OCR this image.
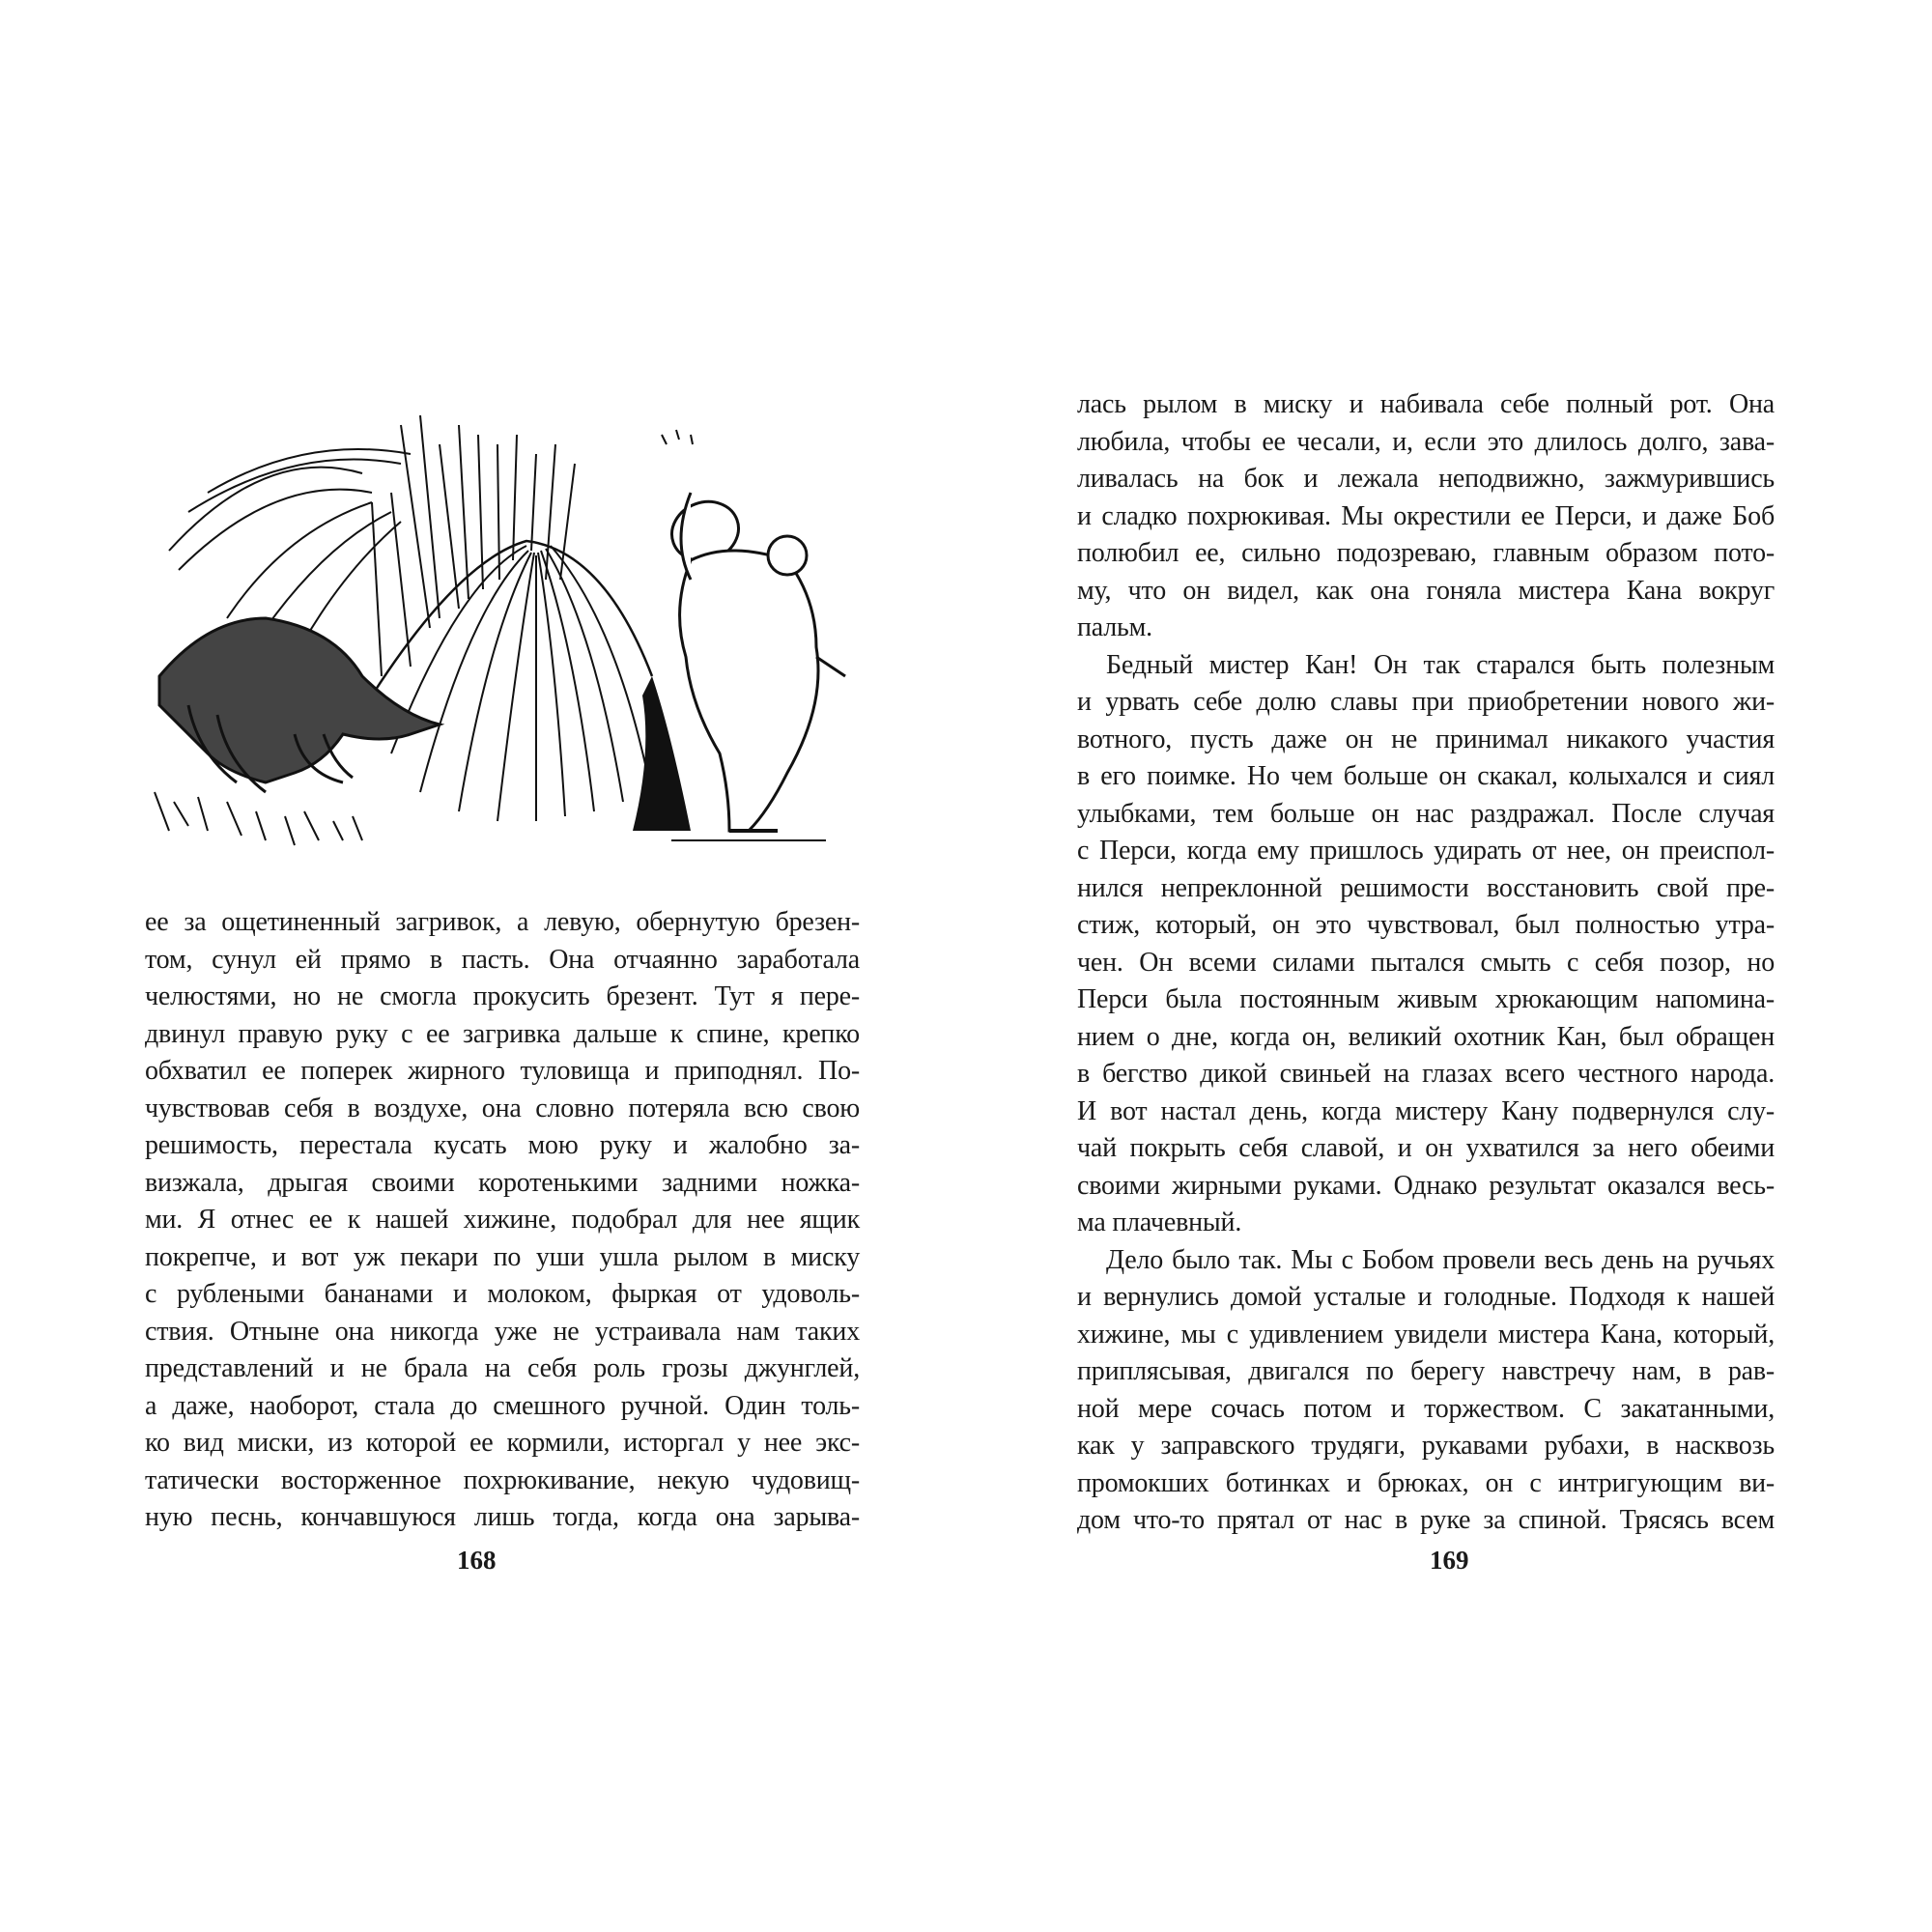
ее за ощетиненный загривок, а левую, обернутую брезен-
том, сунул ей прямо в пасть. Она отчаянно заработала
челюстями, но не смогла прокусить брезент. Тут я пере-
двинул правую руку с ее загривка дальше к спине, крепко
обхватил ее поперек жирного туловища и приподнял. По-
чувствовав себя в воздухе, она словно потеряла всю свою
решимость, перестала кусать мою руку и жалобно за-
визжала, дрыгая своими коротенькими задними ножка-
ми. Я отнес ее к нашей хижине, подобрал для нее ящик
покрепче, и вот уж пекари по уши ушла рылом в миску
с рублеными бананами и молоком, фыркая от удоволь-
ствия. Отныне она никогда уже не устраивала нам таких
представлений и не брала на себя роль грозы джунглей,
а даже, наоборот, стала до смешного ручной. Один толь-
ко вид миски, из которой ее кормили, исторгал у нее экс-
татически восторженное похрюкивание, некую чудовищ-
ную песнь, кончавшуюся лишь тогда, когда она зарыва-
168
лась рылом в миску и набивала себе полный рот. Она
любила, чтобы ее чесали, и, если это длилось долго, зава-
ливалась на бок и лежала неподвижно, зажмурившись
и сладко похрюкивая. Мы окрестили ее Перси, и даже Боб
полюбил ее, сильно подозреваю, главным образом пото-
му, что он видел, как она гоняла мистера Кана вокруг
пальм.
Бедный мистер Кан! Он так старался быть полезным
и урвать себе долю славы при приобретении нового жи-
вотного, пусть даже он не принимал никакого участия
в его поимке. Но чем больше он скакал, колыхался и сиял
улыбками, тем больше он нас раздражал. После случая
с Перси, когда ему пришлось удирать от нее, он преиспол-
нился непреклонной решимости восстановить свой пре-
стиж, который, он это чувствовал, был полностью утра-
чен. Он всеми силами пытался смыть с себя позор, но
Перси была постоянным живым хрюкающим напомина-
нием о дне, когда он, великий охотник Кан, был обращен
в бегство дикой свиньей на глазах всего честного народа.
И вот настал день, когда мистеру Кану подвернулся слу-
чай покрыть себя славой, и он ухватился за него обеими
своими жирными руками. Однако результат оказался весь-
ма плачевный.
Дело было так. Мы с Бобом провели весь день на ручьях
и вернулись домой усталые и голодные. Подходя к нашей
хижине, мы с удивлением увидели мистера Кана, который,
приплясывая, двигался по берегу навстречу нам, в рав-
ной мере сочась потом и торжеством. С закатанными,
как у заправского трудяги, рукавами рубахи, в насквозь
промокших ботинках и брюках, он с интригующим ви-
дом что-то прятал от нас в руке за спиной. Трясясь всем
169
